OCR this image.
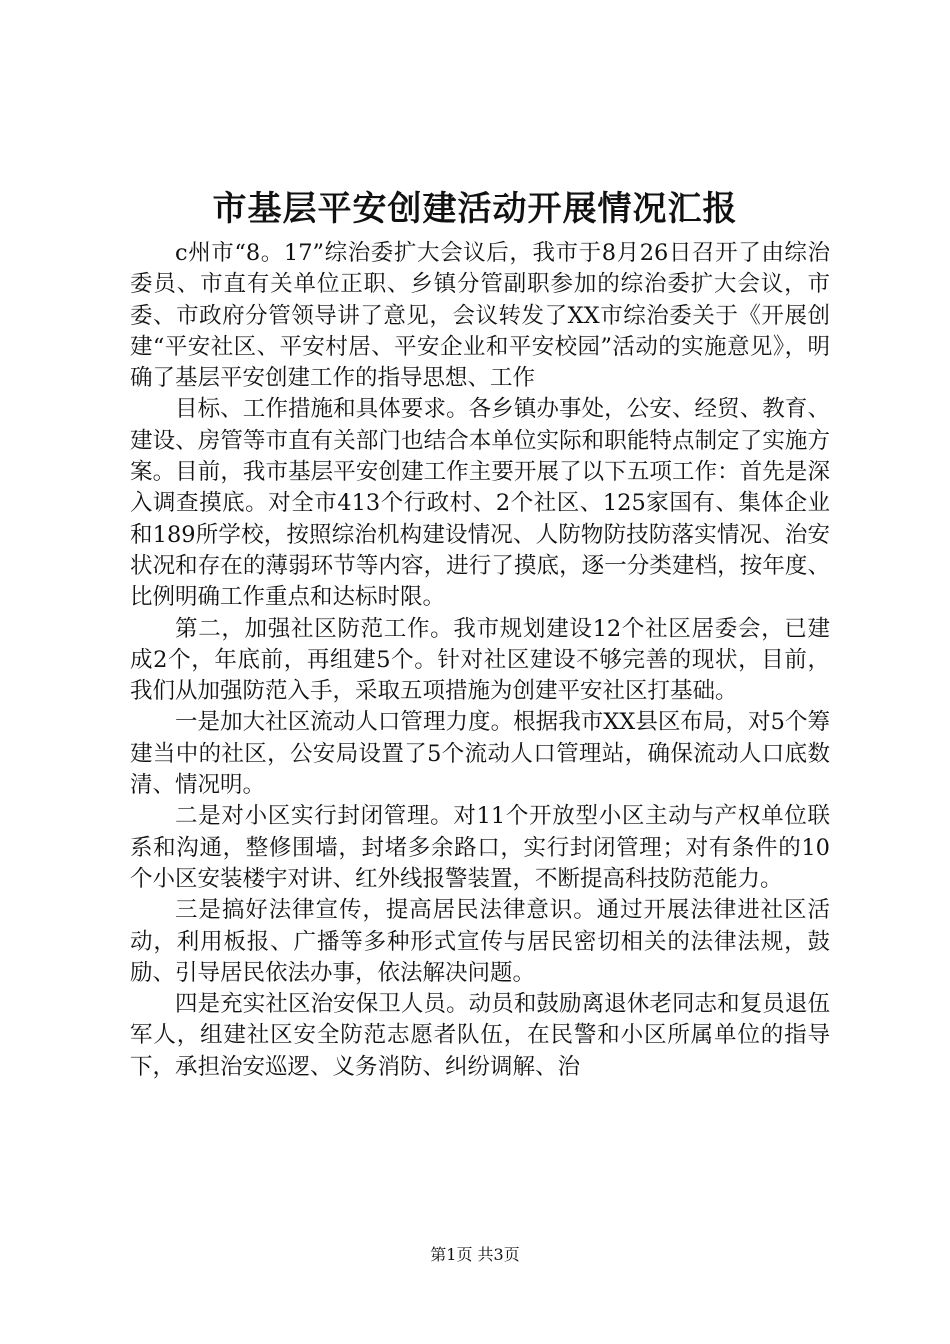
市基层平安创建活动开展情况汇报

c州市“8。17”综治委扩大会议后，我市于8月26日召开了由综治委员、市直有关单位正职、乡镇分管副职参加的综治委扩大会议，市委、市政府分管领导讲了意见，会议转发了XX市综治委关于《开展创建“平安社区、平安村居、平安企业和平安校园”活动的实施意见》，明确了基层平安创建工作的指导思想、工作

目标、工作措施和具体要求。各乡镇办事处，公安、经贸、教育、建设、房管等市直有关部门也结合本单位实际和职能特点制定了实施方案。目前，我市基层平安创建工作主要开展了以下五项工作：首先是深入调查摸底。对全市413个行政村、2个社区、125家国有、集体企业和189所学校，按照综治机构建设情况、人防物防技防落实情况、治安状况和存在的薄弱环节等内容，进行了摸底，逐一分类建档，按年度、比例明确工作重点和达标时限。

第二，加强社区防范工作。我市规划建设12个社区居委会，已建成2个，年底前，再组建5个。针对社区建设不够完善的现状，目前，我们从加强防范入手，采取五项措施为创建平安社区打基础。

一是加大社区流动人口管理力度。根据我市XX县区布局，对5个筹建当中的社区，公安局设置了5个流动人口管理站，确保流动人口底数清、情况明。

二是对小区实行封闭管理。对11个开放型小区主动与产权单位联系和沟通，整修围墙，封堵多余路口，实行封闭管理；对有条件的10个小区安装楼宇对讲、红外线报警装置，不断提高科技防范能力。

三是搞好法律宣传，提高居民法律意识。通过开展法律进社区活动，利用板报、广播等多种形式宣传与居民密切相关的法律法规，鼓励、引导居民依法办事，依法解决问题。

四是充实社区治安保卫人员。动员和鼓励离退休老同志和复员退伍军人，组建社区安全防范志愿者队伍，在民警和小区所属单位的指导下，承担治安巡逻、义务消防、纠纷调解、治

第1页 共3页
